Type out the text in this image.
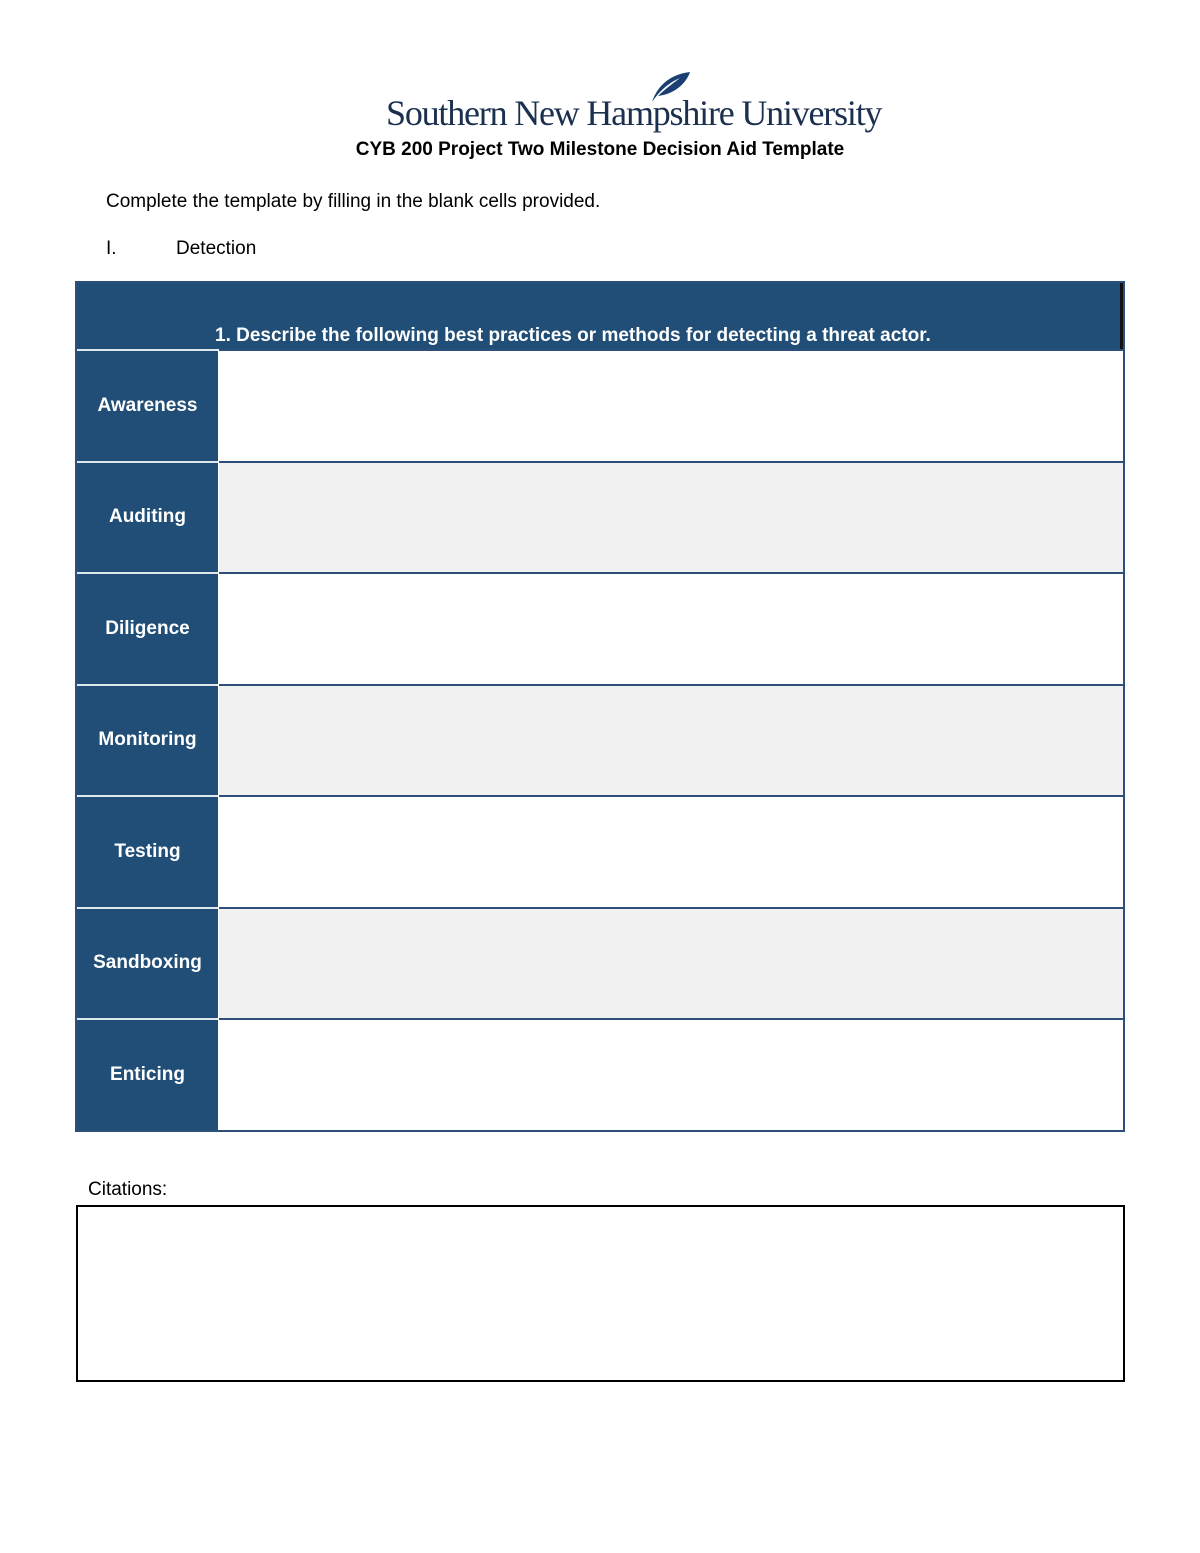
Southern New Hampshire University
CYB 200 Project Two Milestone Decision Aid Template
Complete the template by filling in the blank cells provided.
I.	Detection
1. Describe the following best practices or methods for detecting a threat actor.
Awareness
Auditing
Diligence
Monitoring
Testing
Sandboxing
Enticing
Citations:
